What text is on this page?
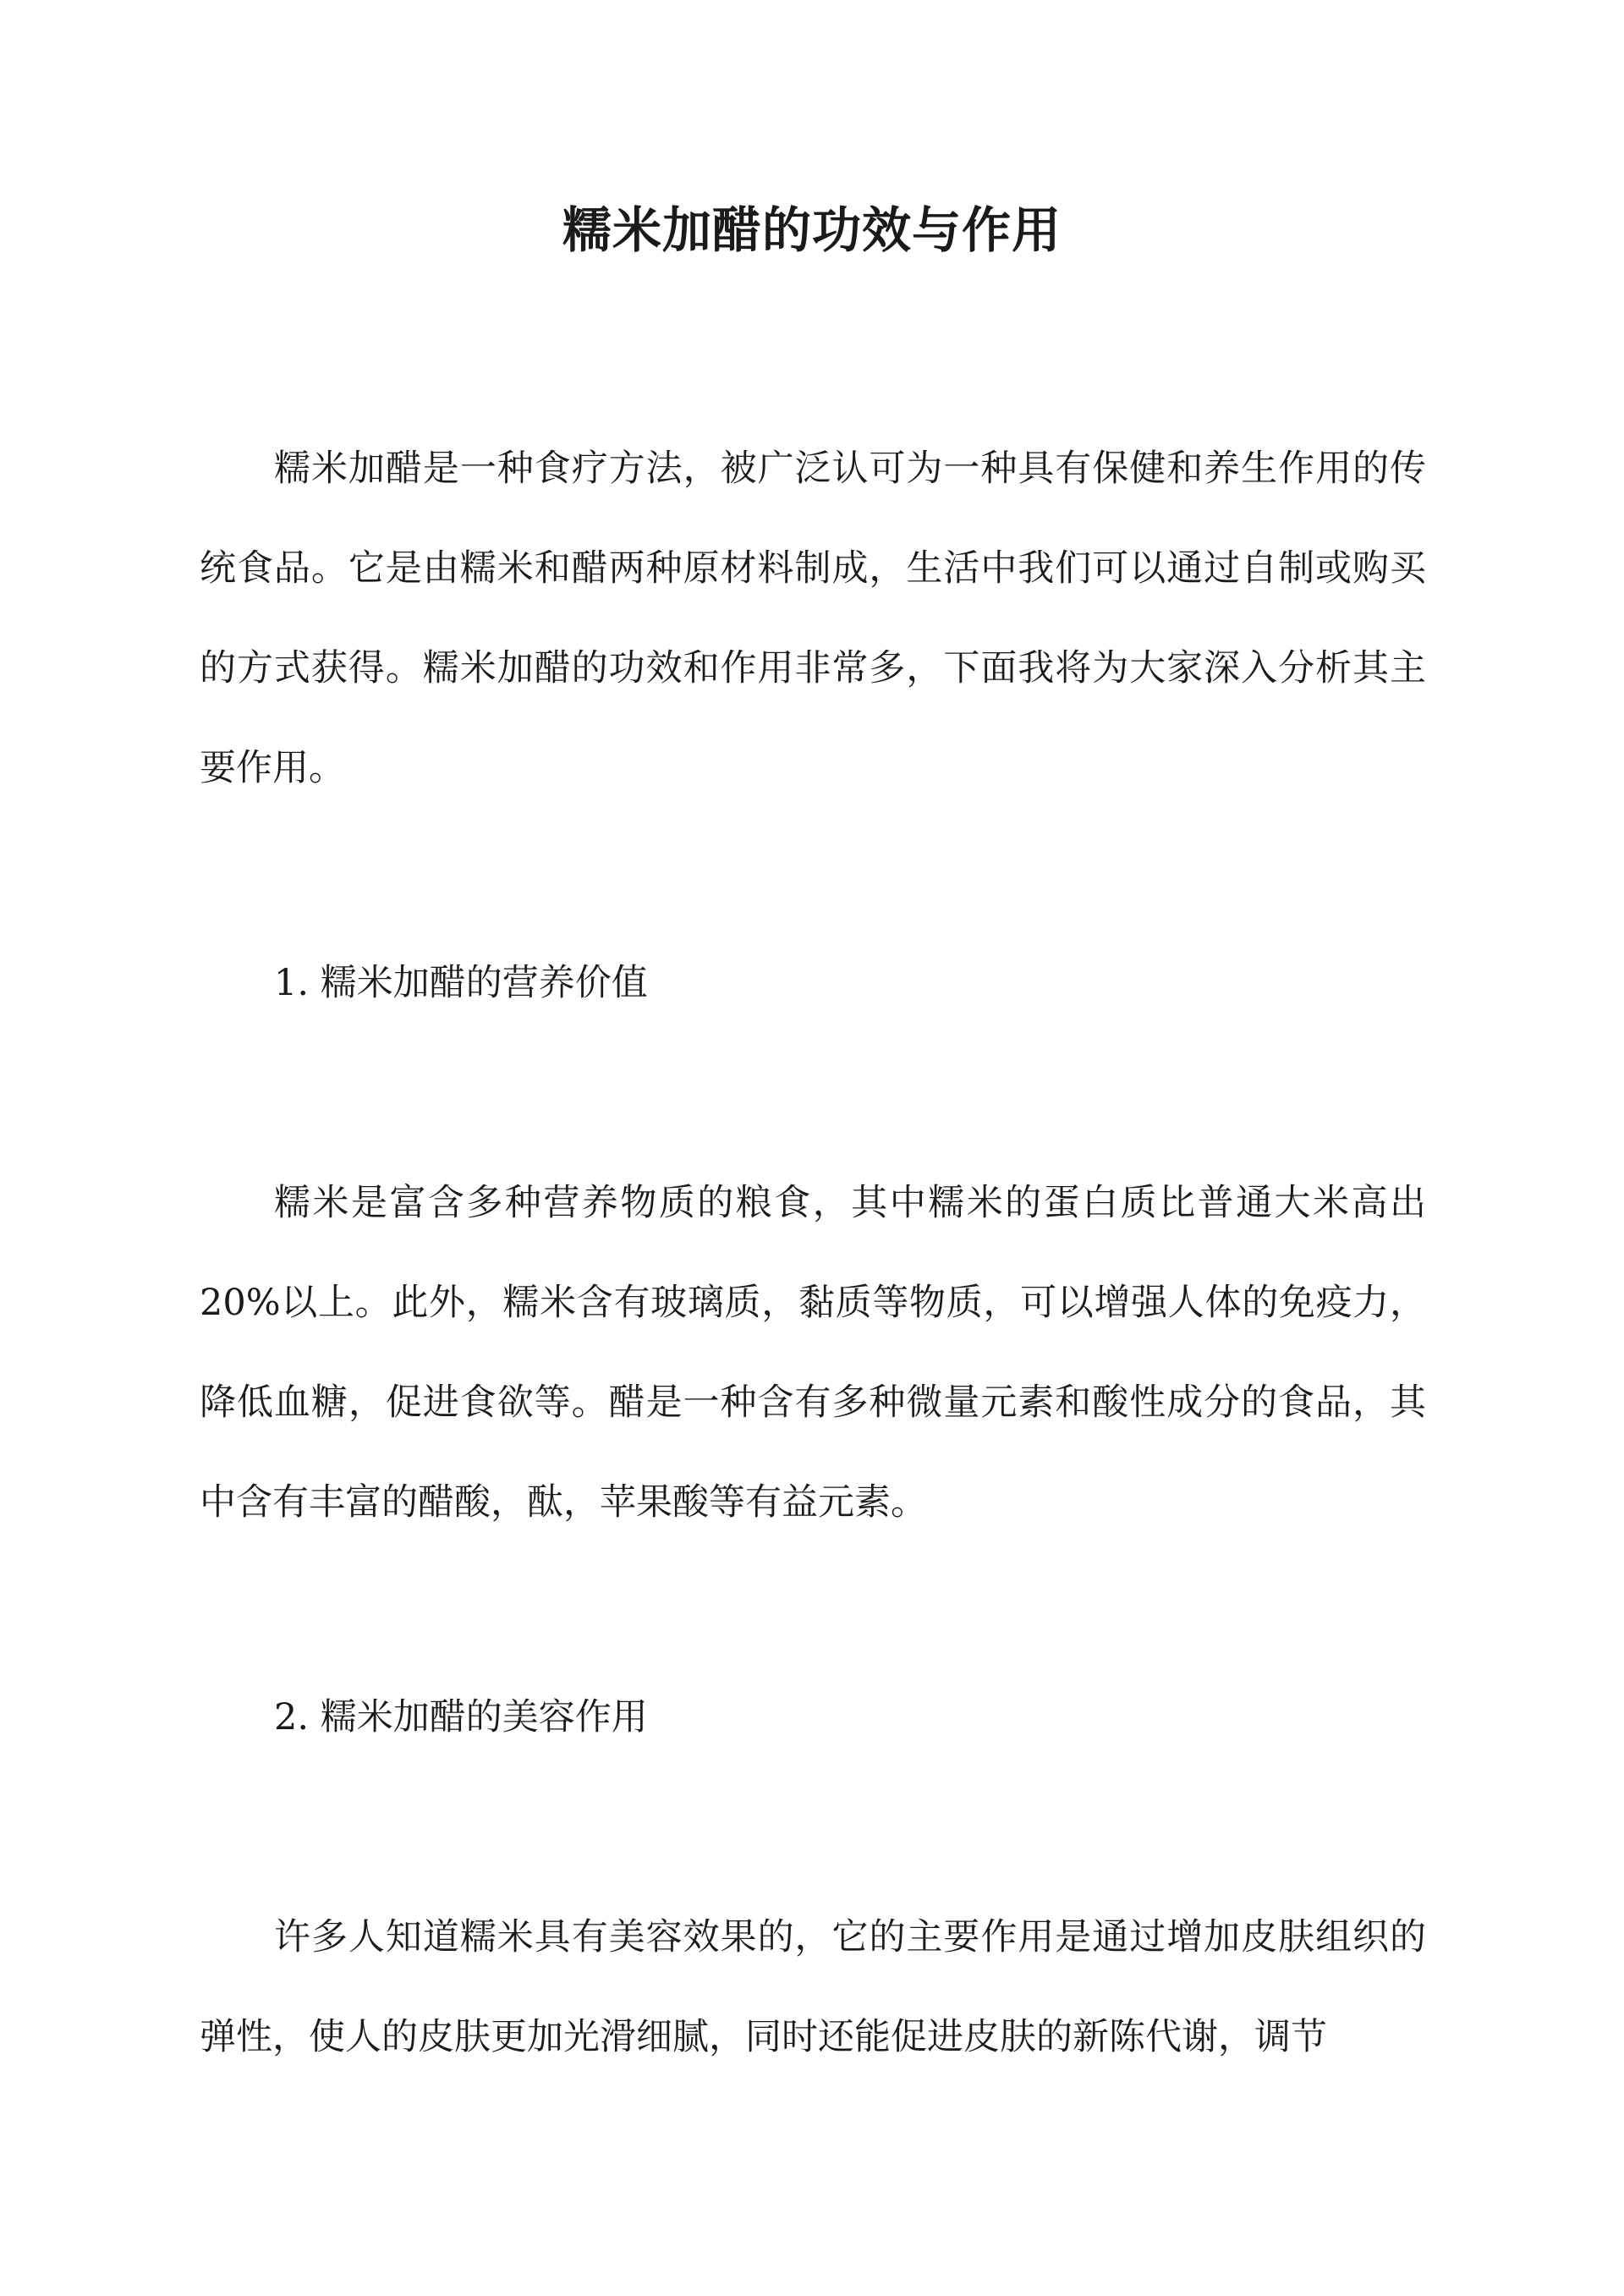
糯米加醋的功效与作用

糯米加醋是一种食疗方法，被广泛认可为一种具有保健和养生作用的传统食品。它是由糯米和醋两种原材料制成，生活中我们可以通过自制或购买的方式获得。糯米加醋的功效和作用非常多，下面我将为大家深入分析其主要作用。

1. 糯米加醋的营养价值

糯米是富含多种营养物质的粮食，其中糯米的蛋白质比普通大米高出20%以上。此外，糯米含有玻璃质，黏质等物质，可以增强人体的免疫力，降低血糖，促进食欲等。醋是一种含有多种微量元素和酸性成分的食品，其中含有丰富的醋酸，酞，苹果酸等有益元素。

2. 糯米加醋的美容作用

许多人知道糯米具有美容效果的，它的主要作用是通过增加皮肤组织的弹性，使人的皮肤更加光滑细腻，同时还能促进皮肤的新陈代谢，调节
